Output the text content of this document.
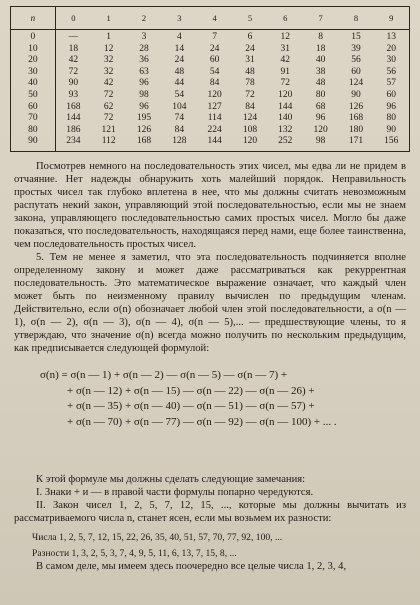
n	0	1	2	3	4	5	6	7	8	9
0	—	1	3	4	7	6	12	8	15	13
10	18	12	28	14	24	24	31	18	39	20
20	42	32	36	24	60	31	42	40	56	30
30	72	32	63	48	54	48	91	38	60	56
40	90	42	96	44	84	78	72	48	124	57
50	93	72	98	54	120	72	120	80	90	60
60	168	62	96	104	127	84	144	68	126	96
70	144	72	195	74	114	124	140	96	168	80
80	186	121	126	84	224	108	132	120	180	90
90	234	112	168	128	144	120	252	98	171	156

Посмотрев немного на последовательность этих чисел, мы едва ли не придем в отчаяние. Нет надежды обнаружить хоть малейший порядок. Неправильность простых чисел так глубоко вплетена в нее, что мы должны считать невозможным распутать некий закон, управляющий этой последовательностью, если мы не знаем закона, управляющего последовательностью самих простых чисел. Могло бы даже показаться, что последовательность, находящаяся перед нами, еще более таинственна, чем последовательность простых чисел.

5. Тем не менее я заметил, что эта последовательность подчиняется вполне определенному закону и может даже рассматриваться как рекуррентная последовательность. Это математическое выражение означает, что каждый член может быть по неизменному правилу вычислен по предыдущим членам. Действительно, если σ(n) обозначает любой член этой последовательности, а σ(n — 1), σ(n — 2), σ(n — 3), σ(n — 4), σ(n — 5),... — предшествующие члены, то я утверждаю, что значение σ(n) всегда можно получить по нескольким предыдущим, как предписывается следующей формулой:

σ(n) = σ(n — 1) + σ(n — 2) — σ(n — 5) — σ(n — 7) +
+ σ(n — 12) + σ(n — 15) — σ(n — 22) — σ(n — 26) +
+ σ(n — 35) + σ(n — 40) — σ(n — 51) — σ(n — 57) +
+ σ(n — 70) + σ(n — 77) — σ(n — 92) — σ(n — 100) + ... .

К этой формуле мы должны сделать следующие замечания:

I. Знаки + и — в правой части формулы попарно чередуются.

II. Закон чисел 1, 2, 5, 7, 12, 15, ..., которые мы должны вычитать из рассматриваемого числа n, станет ясен, если мы возьмем их разности:

Числа 1, 2, 5, 7, 12, 15, 22, 26, 35, 40, 51, 57, 70, 77, 92, 100, ...
Разности 1, 3, 2, 5, 3, 7, 4, 9, 5, 11, 6, 13, 7, 15, 8, ...

В самом деле, мы имеем здесь поочередно все целые числа 1, 2, 3, 4,
